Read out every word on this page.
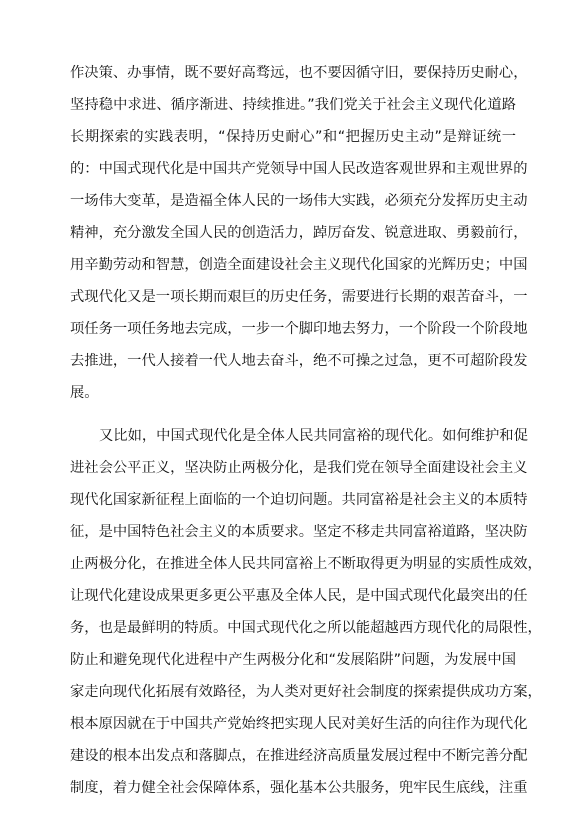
作决策、办事情，既不要好高骛远，也不要因循守旧，要保持历史耐心，
坚持稳中求进、循序渐进、持续推进。”我们党关于社会主义现代化道路
长期探索的实践表明，“保持历史耐心”和“把握历史主动”是辩证统一
的：中国式现代化是中国共产党领导中国人民改造客观世界和主观世界的
一场伟大变革，是造福全体人民的一场伟大实践，必须充分发挥历史主动
精神，充分激发全国人民的创造活力，踔厉奋发、锐意进取、勇毅前行，
用辛勤劳动和智慧，创造全面建设社会主义现代化国家的光辉历史；中国
式现代化又是一项长期而艰巨的历史任务，需要进行长期的艰苦奋斗，一
项任务一项任务地去完成，一步一个脚印地去努力，一个阶段一个阶段地
去推进，一代人接着一代人地去奋斗，绝不可操之过急，更不可超阶段发
展。
又比如，中国式现代化是全体人民共同富裕的现代化。如何维护和促
进社会公平正义，坚决防止两极分化，是我们党在领导全面建设社会主义
现代化国家新征程上面临的一个迫切问题。共同富裕是社会主义的本质特
征，是中国特色社会主义的本质要求。坚定不移走共同富裕道路，坚决防
止两极分化，在推进全体人民共同富裕上不断取得更为明显的实质性成效，
让现代化建设成果更多更公平惠及全体人民，是中国式现代化最突出的任
务，也是最鲜明的特质。中国式现代化之所以能超越西方现代化的局限性，
防止和避免现代化进程中产生两极分化和“发展陷阱”问题，为发展中国
家走向现代化拓展有效路径，为人类对更好社会制度的探索提供成功方案，
根本原因就在于中国共产党始终把实现人民对美好生活的向往作为现代化
建设的根本出发点和落脚点，在推进经济高质量发展过程中不断完善分配
制度，着力健全社会保障体系，强化基本公共服务，兜牢民生底线，注重
